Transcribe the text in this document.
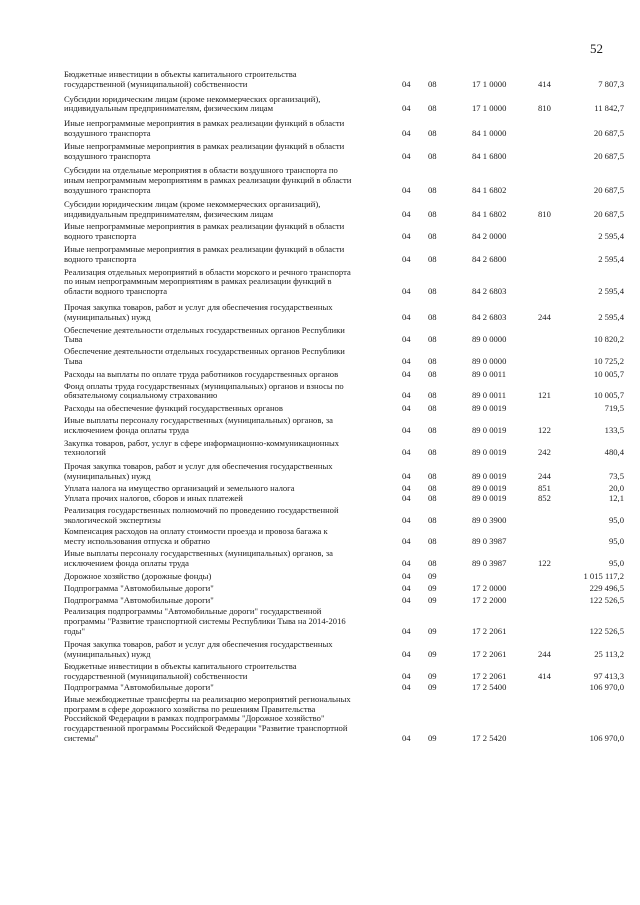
52
Бюджетные инвестиции в объекты капитального строительства
государственной (муниципальной) собственности	04 08	17 1 0000	414	7 807,3
Субсидии юридическим лицам (кроме некоммерческих организаций),
индивидуальным предпринимателям, физическим лицам	04 08	17 1 0000	810	11 842,7
Иные непрограммные мероприятия в рамках реализации функций в области
воздушного транспорта	04 08	84 1 0000	20 687,5
Иные непрограммные мероприятия в рамках реализации функций в области
воздушного транспорта	04 08	84 1 6800	20 687,5
Субсидии на отдельные мероприятия в области воздушного транспорта по
иным непрограммным мероприятиям в рамках реализации функций в области
воздушного транспорта	04 08	84 1 6802	20 687,5
Субсидии юридическим лицам (кроме некоммерческих организаций),
индивидуальным предпринимателям, физическим лицам	04 08	84 1 6802	810	20 687,5
Иные непрограммные мероприятия в рамках реализации функций в области
водного транспорта	04 08	84 2 0000	2 595,4
Иные непрограммные мероприятия в рамках реализации функций в области
водного транспорта	04 08	84 2 6800	2 595,4
Реализация отдельных мероприятий в области морского и речного транспорта
по иным непрограммным мероприятиям в рамках реализации функций в
области водного транспорта	04 08	84 2 6803	2 595,4
Прочая закупка товаров, работ и услуг для обеспечения государственных
(муниципальных) нужд	04 08	84 2 6803	244	2 595,4
Обеспечение деятельности отдельных государственных органов Республики
Тыва	04 08	89 0 0000	10 820,2
Обеспечение деятельности отдельных государственных органов Республики
Тыва	04 08	89 0 0000	10 725,2
Расходы на выплаты по оплате труда работников государственных органов	04 08	89 0 0011	10 005,7
Фонд оплаты труда государственных (муниципальных) органов и взносы по
обязательному социальному страхованию	04 08	89 0 0011	121	10 005,7
Расходы на обеспечение функций государственных органов	04 08	89 0 0019	719,5
Иные выплаты персоналу государственных (муниципальных) органов, за
исключением фонда оплаты труда	04 08	89 0 0019	122	133,5
Закупка товаров, работ, услуг в сфере информационно-коммуникационных
технологий	04 08	89 0 0019	242	480,4
Прочая закупка товаров, работ и услуг для обеспечения государственных
(муниципальных) нужд	04 08	89 0 0019	244	73,5
Уплата налога на имущество организаций и земельного налога	04 08	89 0 0019	851	20,0
Уплата прочих налогов, сборов и иных платежей	04 08	89 0 0019	852	12,1
Реализация государственных полномочий по проведению государственной
экологической экспертизы	04 08	89 0 3900	95,0
Компенсация расходов на оплату стоимости проезда и провоза багажа к
месту использования отпуска и обратно	04 08	89 0 3987	95,0
Иные выплаты персоналу государственных (муниципальных) органов, за
исключением фонда оплаты труда	04 08	89 0 3987	122	95,0
Дорожное хозяйство (дорожные фонды)	04 09	1 015 117,2
Подпрограмма "Автомобильные дороги"	04 09	17 2 0000	229 496,5
Подпрограмма "Автомобильные дороги"	04 09	17 2 2000	122 526,5
Реализация подпрограммы "Автомобильные дороги" государственной
программы "Развитие транспортной системы Республики Тыва на 2014-2016
годы"	04 09	17 2 2061	122 526,5
Прочая закупка товаров, работ и услуг для обеспечения государственных
(муниципальных) нужд	04 09	17 2 2061	244	25 113,2
Бюджетные инвестиции в объекты капитального строительства
государственной (муниципальной) собственности	04 09	17 2 2061	414	97 413,3
Подпрограмма "Автомобильные дороги"	04 09	17 2 5400	106 970,0
Иные межбюджетные трансферты на реализацию мероприятий региональных
программ в сфере дорожного хозяйства по решениям Правительства
Российской Федерации в рамках подпрограммы "Дорожное хозяйство"
государственной программы Российской Федерации "Развитие транспортной
системы"	04 09	17 2 5420	106 970,0
